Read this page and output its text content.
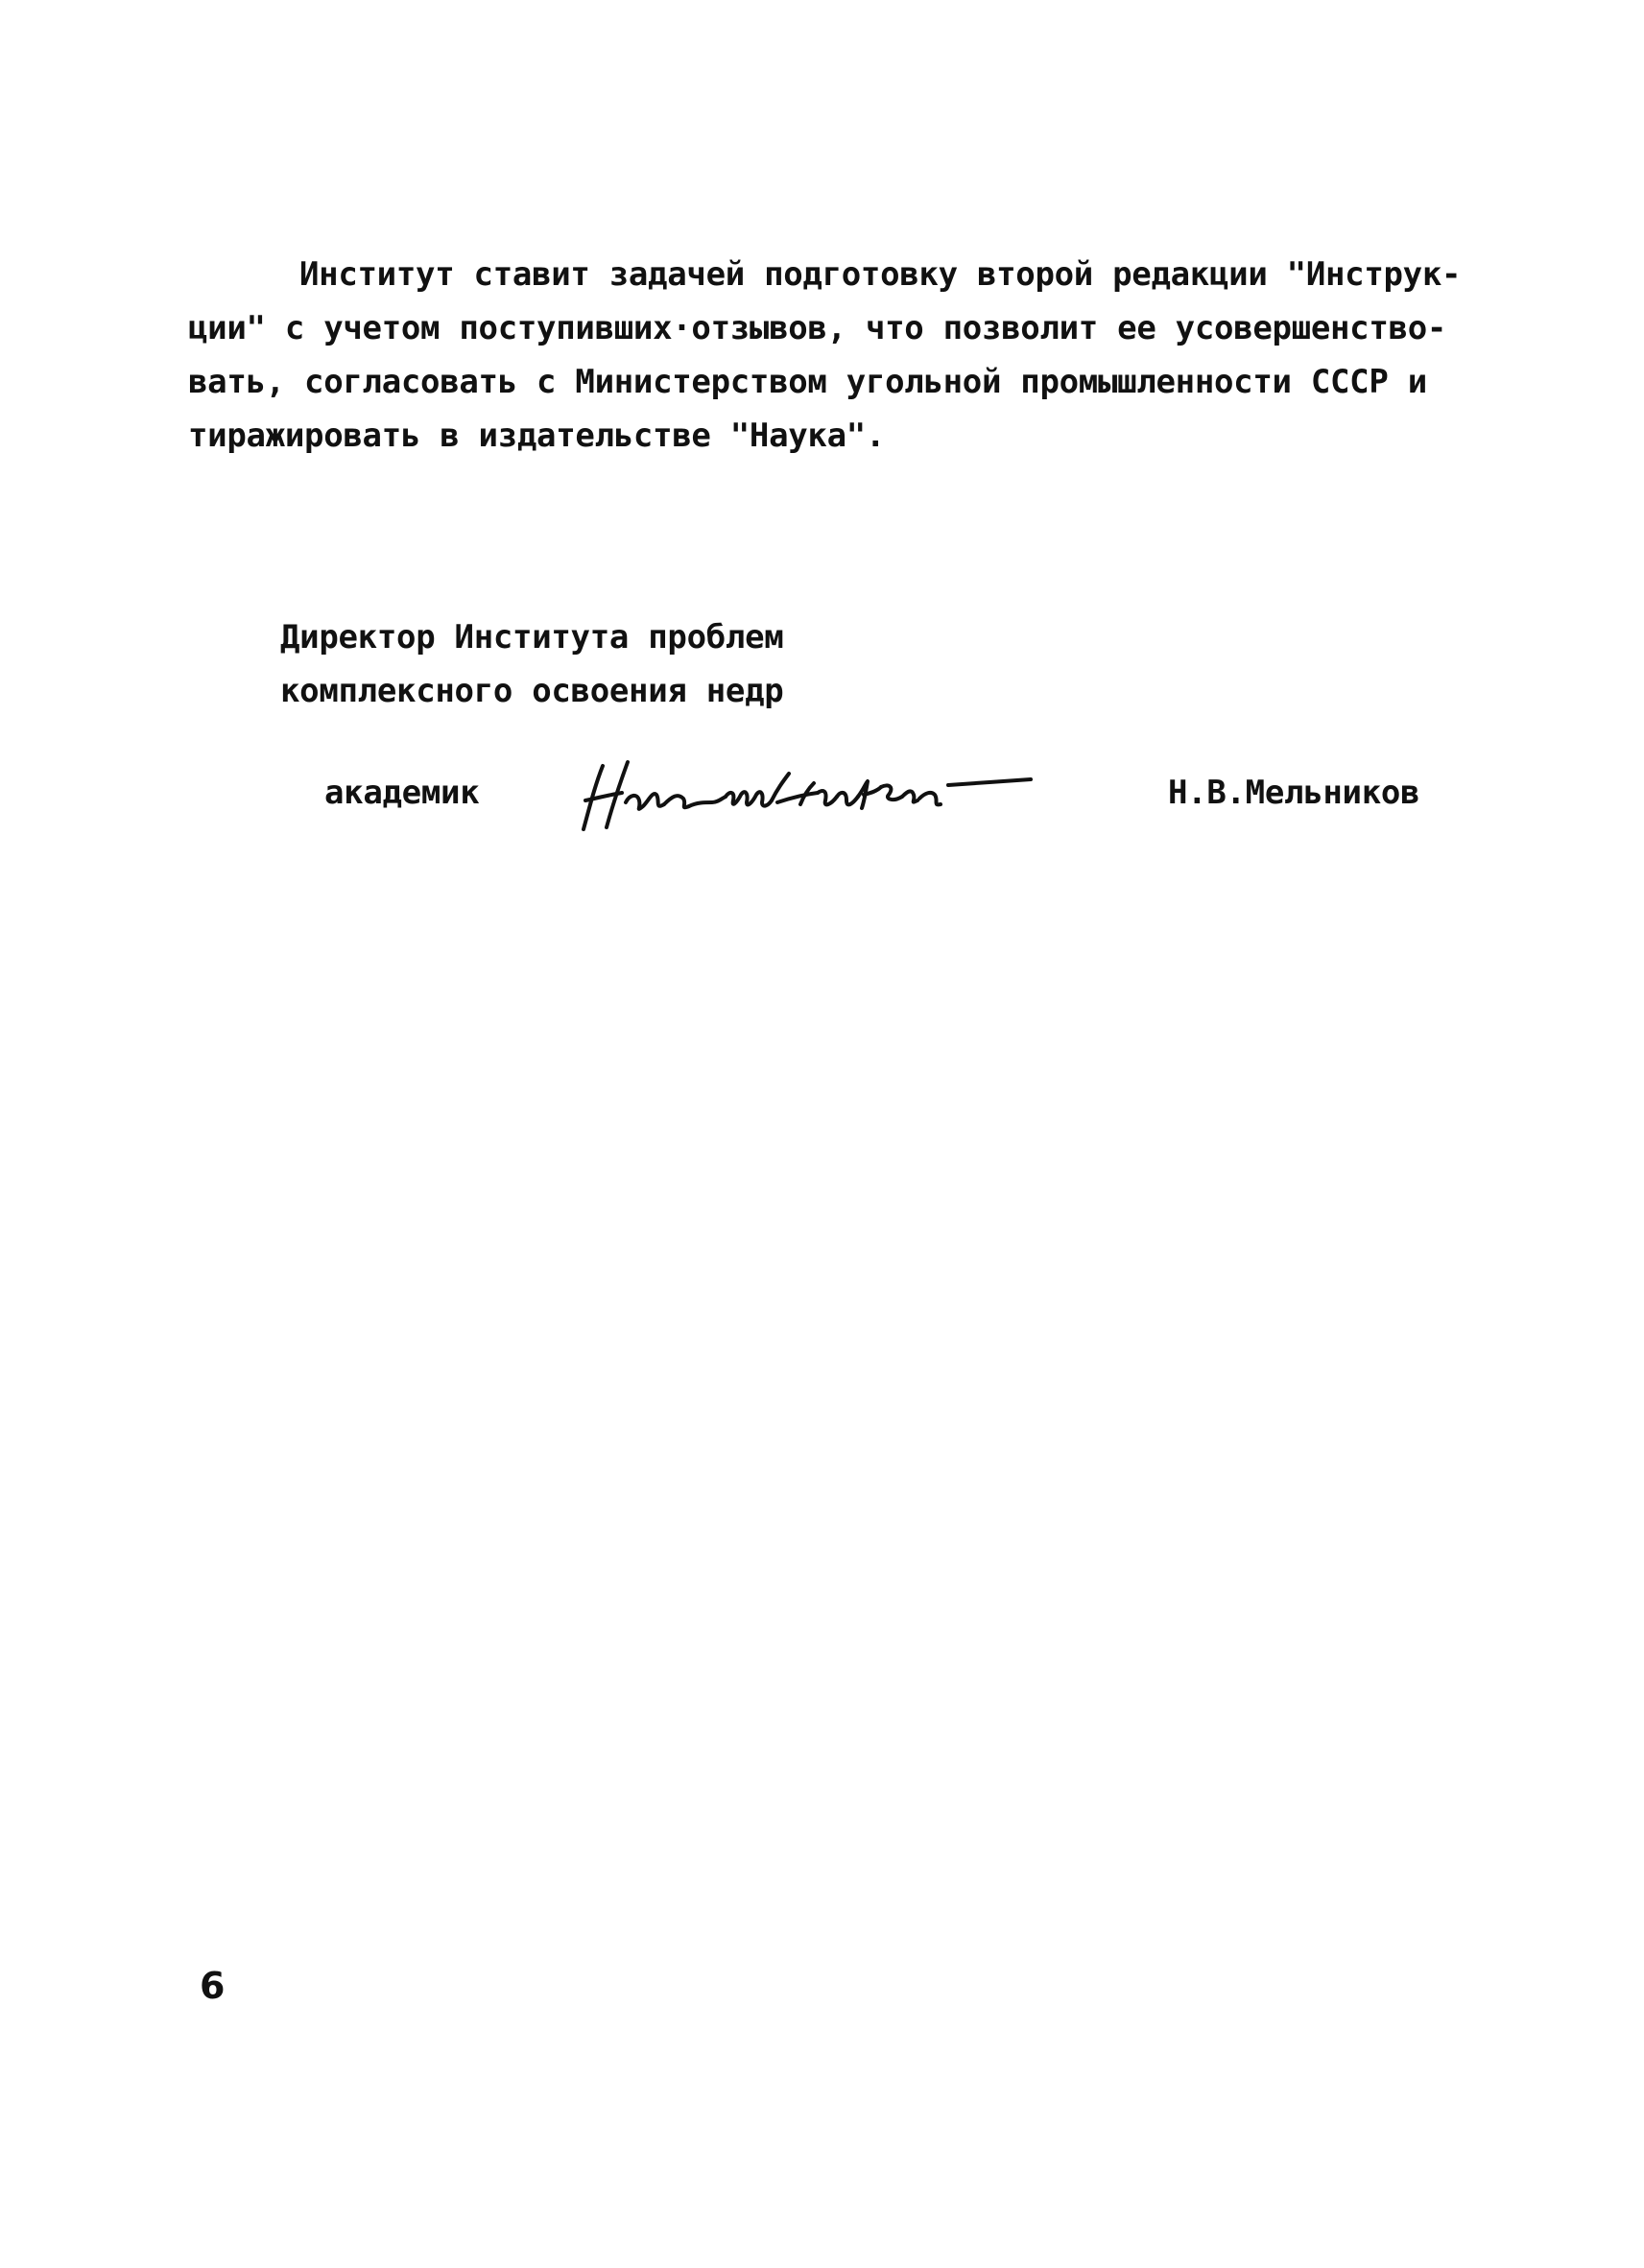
Институт ставит задачей подготовку второй редакции "Инструк-
ции" с учетом поступивших·отзывов, что позволит ее усовершенство-
вать, согласовать с Министерством угольной промышленности СССР и
тиражировать в издательстве "Наука".
Директор Института проблем
комплексного освоения недр
академик	Н.В.Мельников
6
